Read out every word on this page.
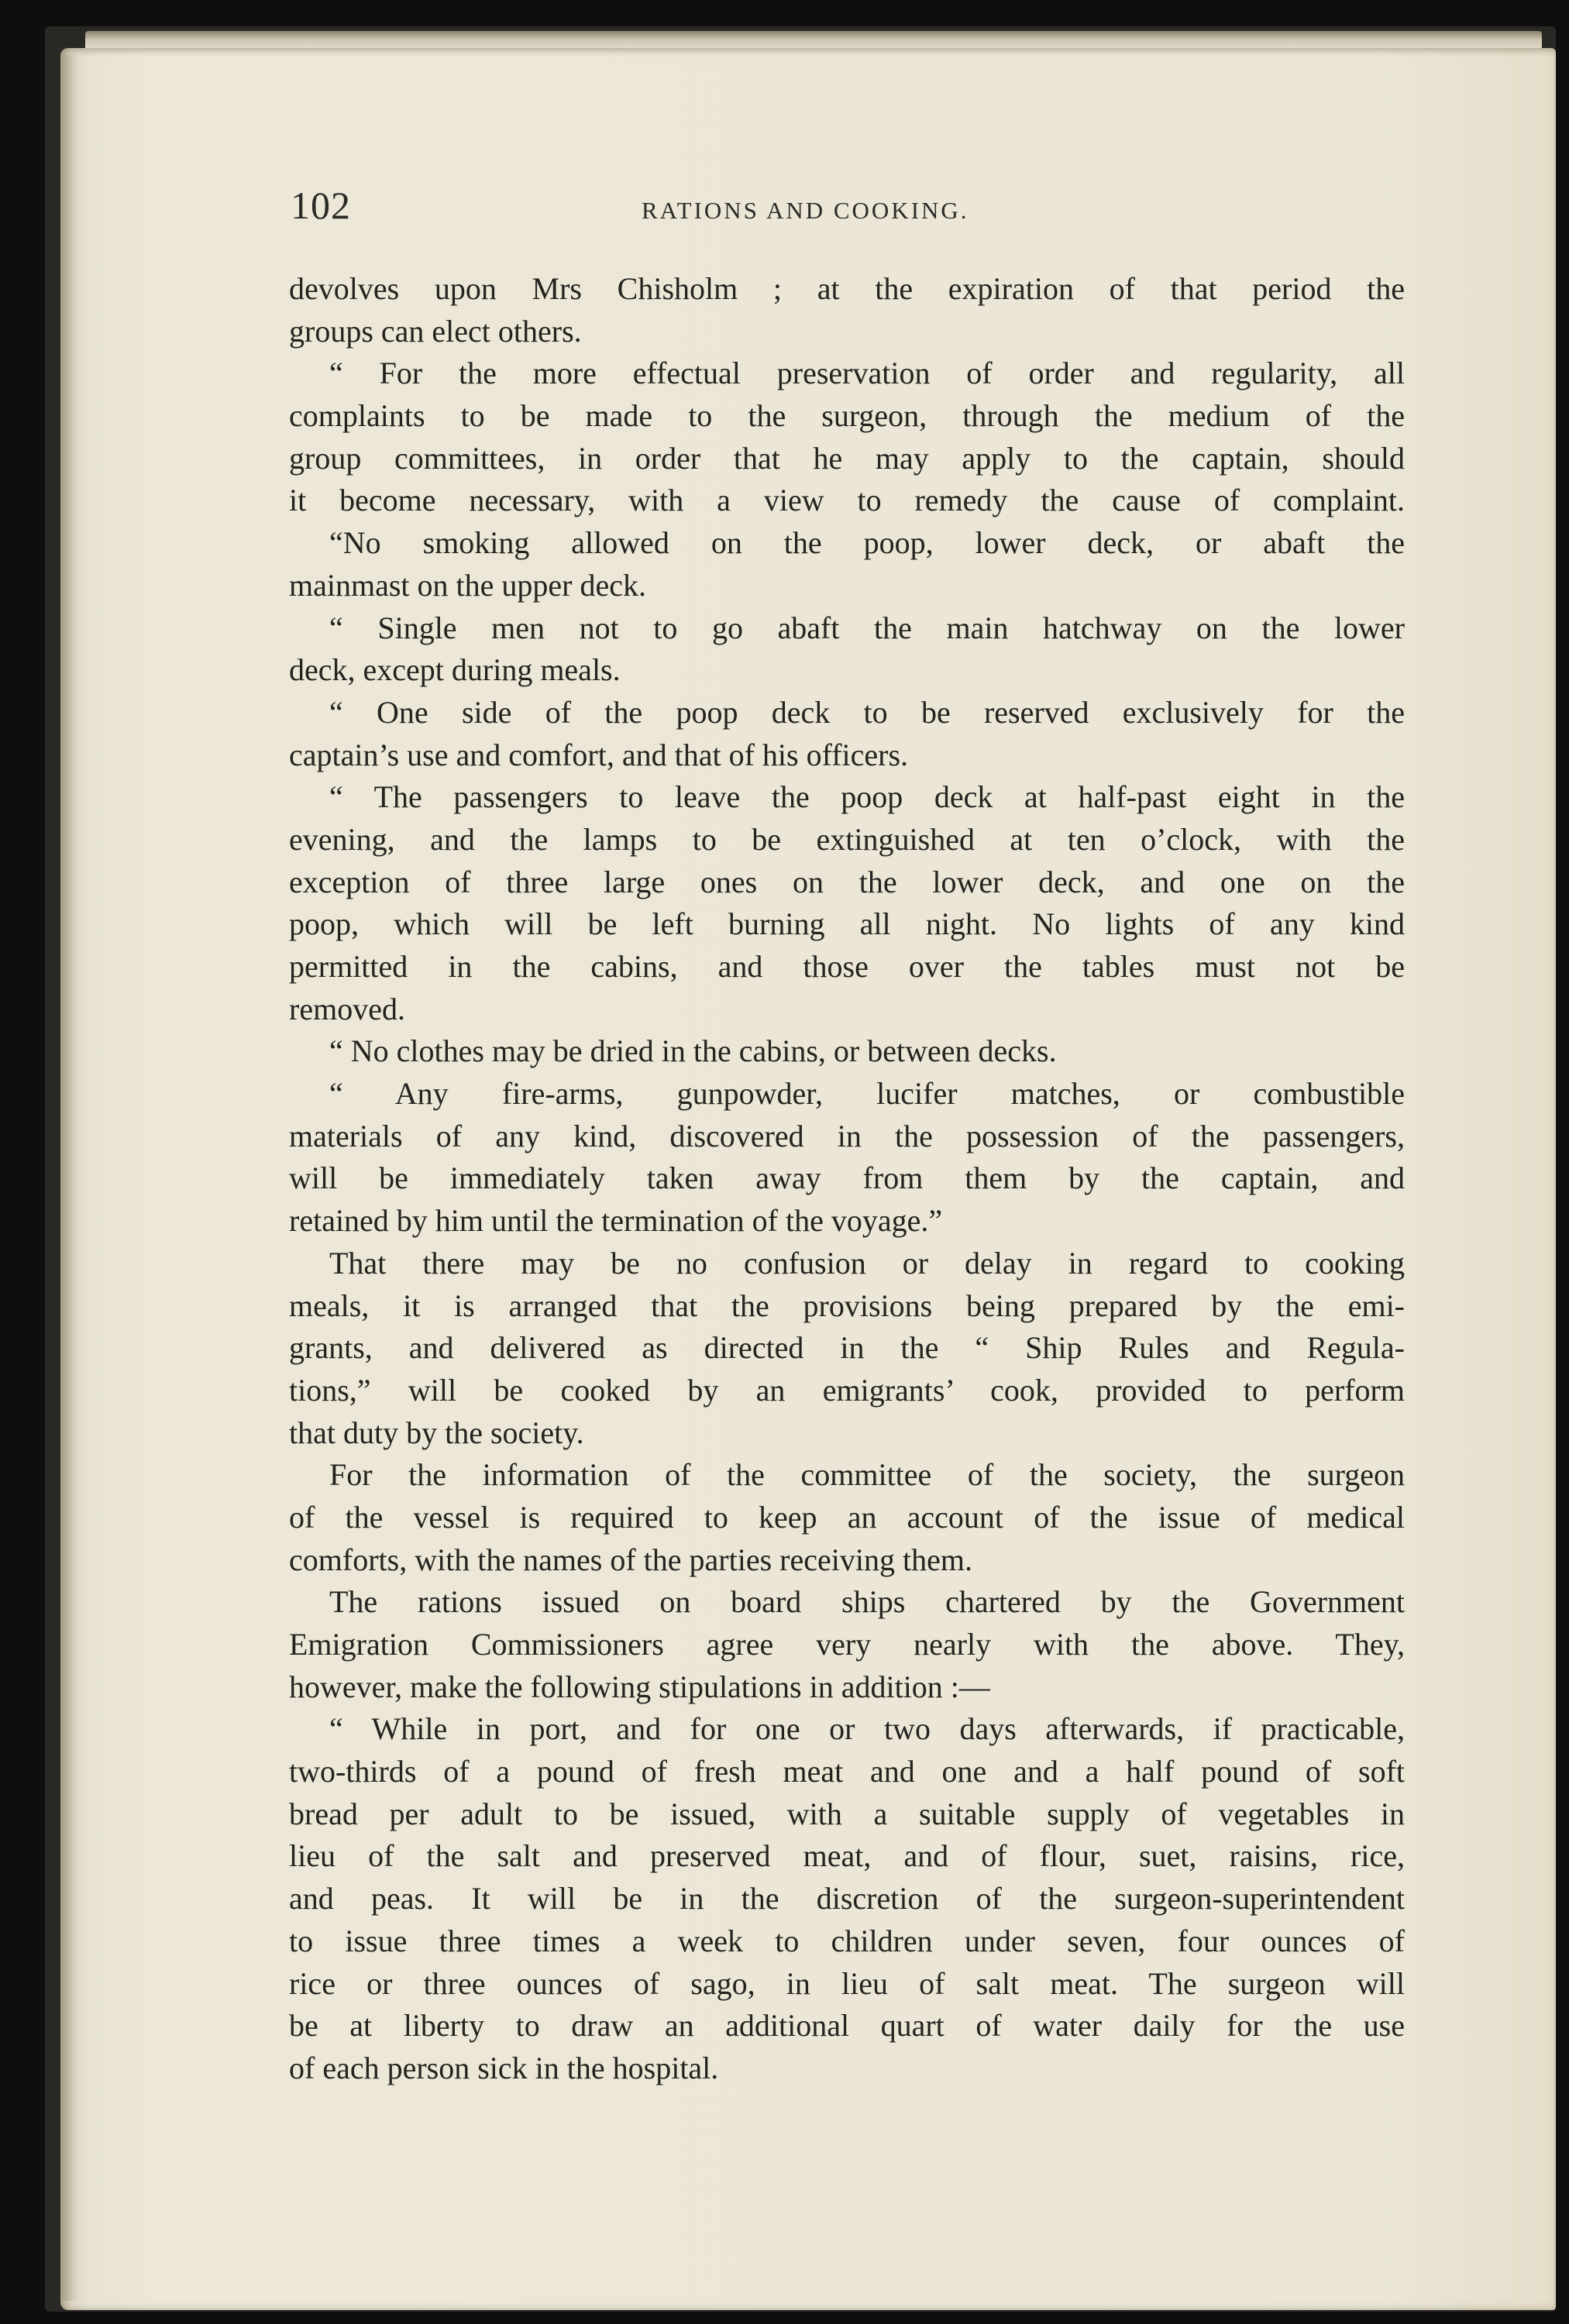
102	RATIONS AND COOKING.
devolves upon Mrs Chisholm ; at the expiration of that period the
groups can elect others.
“ For the more effectual preservation of order and regularity, all
complaints to be made to the surgeon, through the medium of the
group committees, in order that he may apply to the captain, should
it become necessary, with a view to remedy the cause of complaint.
“No smoking allowed on the poop, lower deck, or abaft the
mainmast on the upper deck.
“ Single men not to go abaft the main hatchway on the lower
deck, except during meals.
“ One side of the poop deck to be reserved exclusively for the
captain’s use and comfort, and that of his officers.
“ The passengers to leave the poop deck at half-past eight in the
evening, and the lamps to be extinguished at ten o’clock, with the
exception of three large ones on the lower deck, and one on the
poop, which will be left burning all night. No lights of any kind
permitted in the cabins, and those over the tables must not be
removed.
“ No clothes may be dried in the cabins, or between decks.
“ Any fire-arms, gunpowder, lucifer matches, or combustible
materials of any kind, discovered in the possession of the passengers,
will be immediately taken away from them by the captain, and
retained by him until the termination of the voyage.”
That there may be no confusion or delay in regard to cooking
meals, it is arranged that the provisions being prepared by the emi-
grants, and delivered as directed in the “ Ship Rules and Regula-
tions,” will be cooked by an emigrants’ cook, provided to perform
that duty by the society.
For the information of the committee of the society, the surgeon
of the vessel is required to keep an account of the issue of medical
comforts, with the names of the parties receiving them.
The rations issued on board ships chartered by the Government
Emigration Commissioners agree very nearly with the above. They,
however, make the following stipulations in addition :—
“ While in port, and for one or two days afterwards, if practicable,
two-thirds of a pound of fresh meat and one and a half pound of soft
bread per adult to be issued, with a suitable supply of vegetables in
lieu of the salt and preserved meat, and of flour, suet, raisins, rice,
and peas. It will be in the discretion of the surgeon-superintendent
to issue three times a week to children under seven, four ounces of
rice or three ounces of sago, in lieu of salt meat. The surgeon will
be at liberty to draw an additional quart of water daily for the use
of each person sick in the hospital.
